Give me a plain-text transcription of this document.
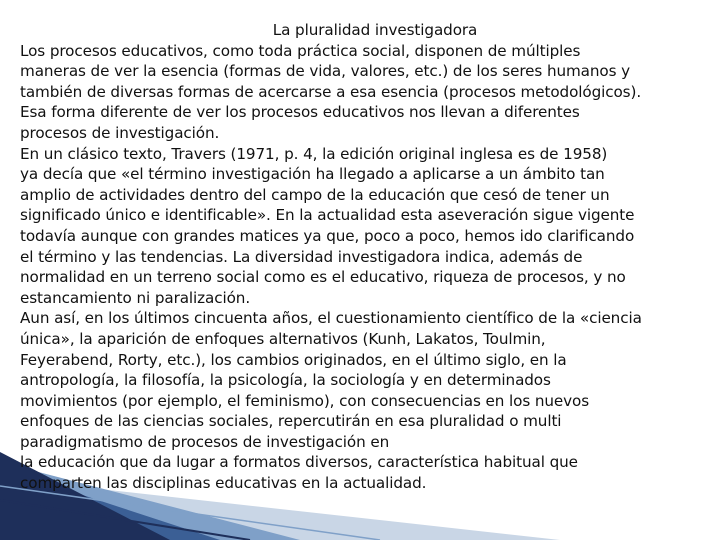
La pluralidad investigadora
Los procesos educativos, como toda práctica social, disponen de múltiples
maneras de ver la esencia (formas de vida, valores, etc.) de los seres humanos y
también de diversas formas de acercarse a esa esencia (procesos metodológicos).
Esa forma diferente de ver los procesos educativos nos llevan a diferentes
procesos de investigación.
En un clásico texto, Travers (1971, p. 4, la edición original inglesa es de 1958)
ya decía que «el término investigación ha llegado a aplicarse a un ámbito tan
amplio de actividades dentro del campo de la educación que cesó de tener un
significado único e identificable». En la actualidad esta aseveración sigue vigente
todavía aunque con grandes matices ya que, poco a poco, hemos ido clarificando
el término y las tendencias. La diversidad investigadora indica, además de
normalidad en un terreno social como es el educativo, riqueza de procesos, y no
estancamiento ni paralización.
Aun así, en los últimos cincuenta años, el cuestionamiento científico de la «ciencia
única», la aparición de enfoques alternativos (Kunh, Lakatos, Toulmin,
Feyerabend, Rorty, etc.), los cambios originados, en el último siglo, en la
antropología, la filosofía, la psicología, la sociología y en determinados
movimientos (por ejemplo, el feminismo), con consecuencias en los nuevos
enfoques de las ciencias sociales, repercutirán en esa pluralidad o multi
paradigmatismo de procesos de investigación en
la educación que da lugar a formatos diversos, característica habitual que
comparten las disciplinas educativas en la actualidad.
